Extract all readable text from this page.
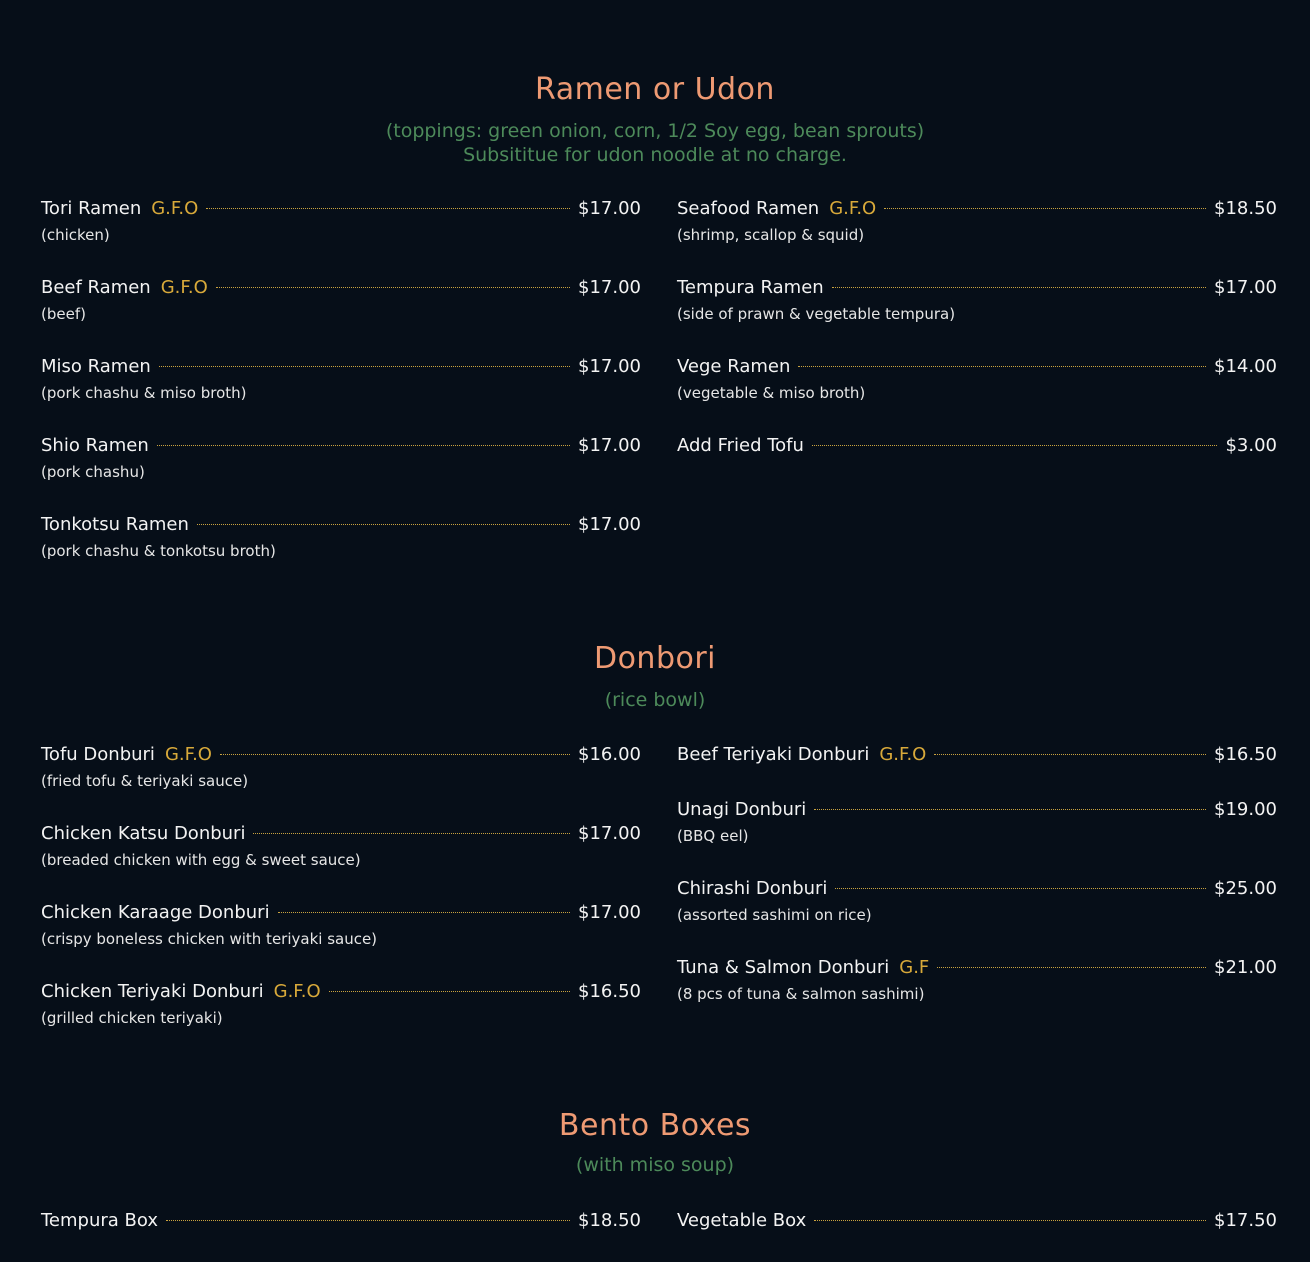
Ramen or Udon
(toppings: green onion, corn, 1/2 Soy egg, bean sprouts)
Subsititue for udon noodle at no charge.
Tori Ramen G.F.O	$17.00
(chicken)
Beef Ramen G.F.O	$17.00
(beef)
Miso Ramen	$17.00
(pork chashu & miso broth)
Shio Ramen	$17.00
(pork chashu)
Tonkotsu Ramen	$17.00
(pork chashu & tonkotsu broth)
Seafood Ramen G.F.O	$18.50
(shrimp, scallop & squid)
Tempura Ramen	$17.00
(side of prawn & vegetable tempura)
Vege Ramen	$14.00
(vegetable & miso broth)
Add Fried Tofu	$3.00
Donbori
(rice bowl)
Tofu Donburi G.F.O	$16.00
(fried tofu & teriyaki sauce)
Chicken Katsu Donburi	$17.00
(breaded chicken with egg & sweet sauce)
Chicken Karaage Donburi	$17.00
(crispy boneless chicken with teriyaki sauce)
Chicken Teriyaki Donburi G.F.O	$16.50
(grilled chicken teriyaki)
Beef Teriyaki Donburi G.F.O	$16.50
Unagi Donburi	$19.00
(BBQ eel)
Chirashi Donburi	$25.00
(assorted sashimi on rice)
Tuna & Salmon Donburi G.F	$21.00
(8 pcs of tuna & salmon sashimi)
Bento Boxes
(with miso soup)
Tempura Box	$18.50 Vegetable Box	$17.50
